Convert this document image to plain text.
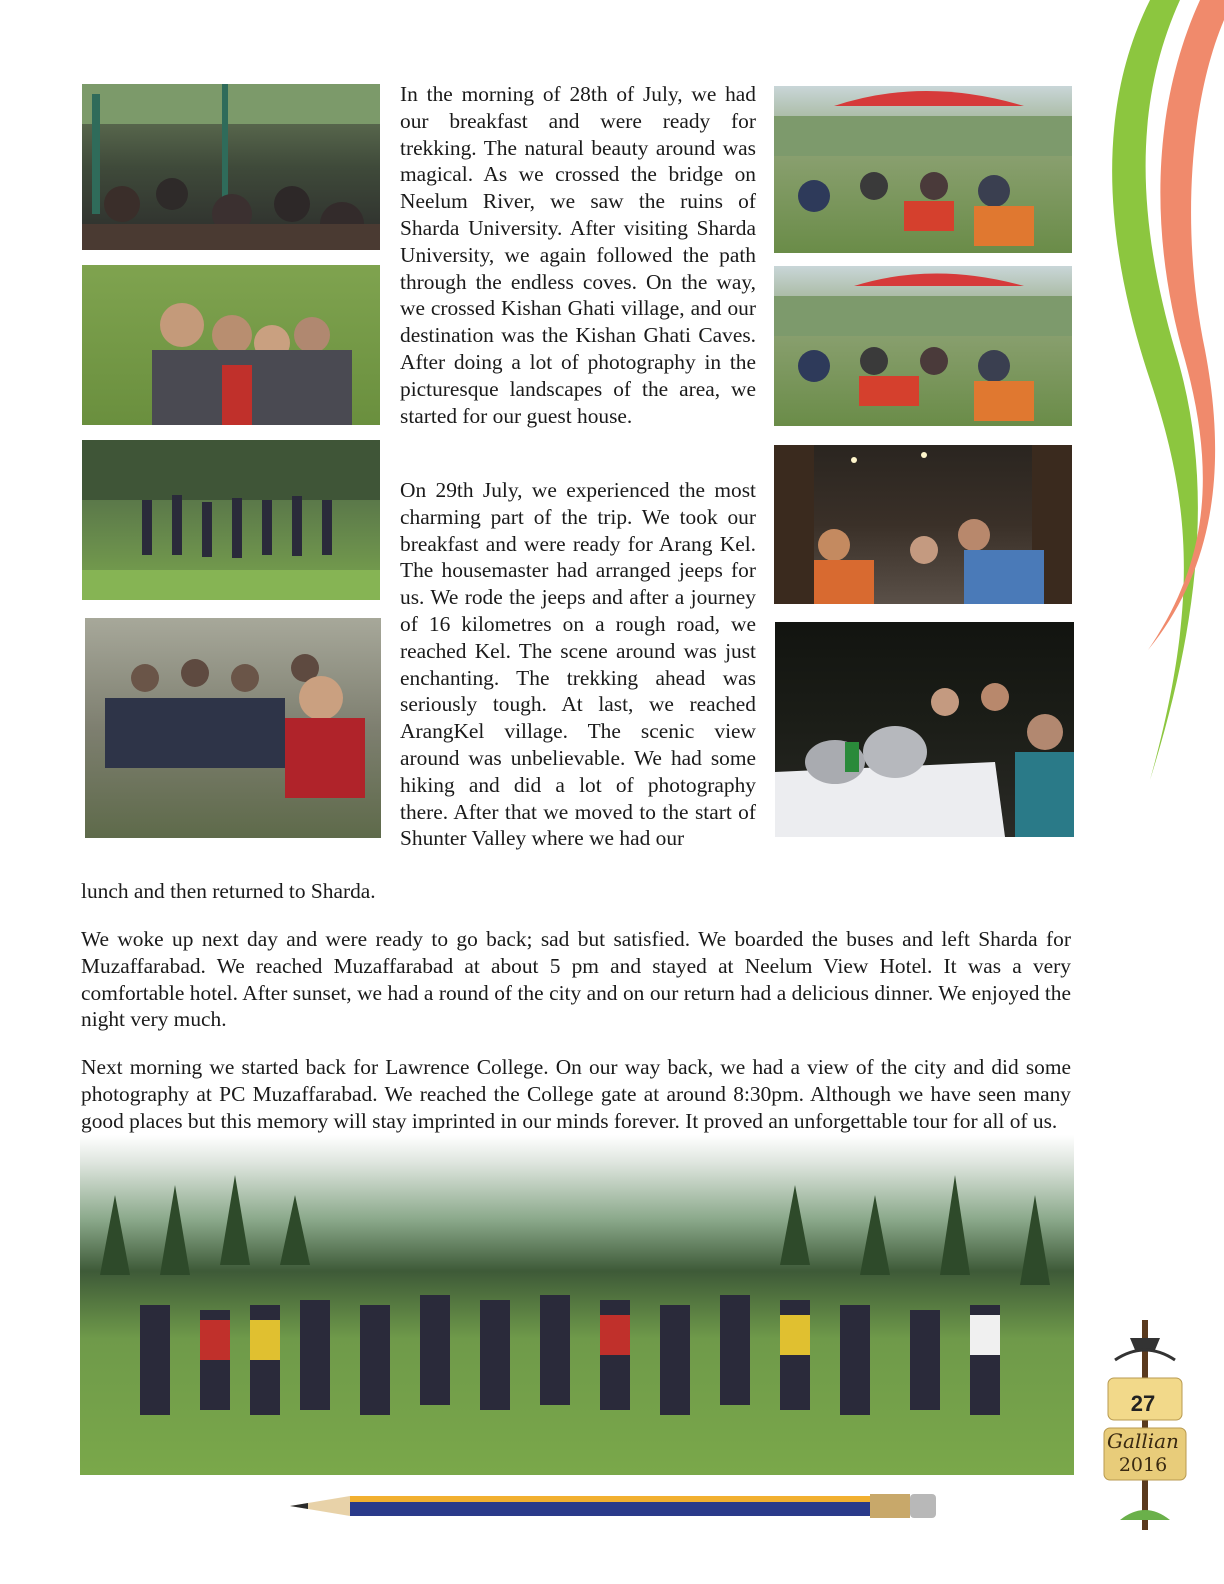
In the morning of 28th of July, we had our breakfast and were ready for trekking. The natural beauty around was magical. As we crossed the bridge on Neelum River, we saw the ruins of Sharda University. After visiting Sharda University, we again followed the path through the endless coves. On the way, we crossed Kishan Ghati village, and our destination was the Kishan Ghati Caves. After doing a lot of photography in the picturesque landscapes of the area, we started for our guest house.

On 29th July, we experienced the most charming part of the trip. We took our breakfast and were ready for Arang Kel. The housemaster had arranged jeeps for us. We rode the jeeps and after a journey of 16 kilometres on a rough road, we reached Kel. The scene around was just enchanting. The trekking ahead was seriously tough. At last, we reached ArangKel village. The scenic view around was unbelievable. We had some hiking and did a lot of photography there. After that we moved to the start of Shunter Valley where we had our

lunch and then returned to Sharda.

We woke up next day and were ready to go back; sad but satisfied. We boarded the buses and left Sharda for Muzaffarabad. We reached Muzaffarabad at about 5 pm and stayed at Neelum View Hotel. It was a very comfortable hotel. After sunset, we had a round of the city and on our return had a delicious dinner. We enjoyed the night very much.

Next morning we started back for Lawrence College. On our way back, we had a view of the city and did some photography at PC Muzaffarabad. We reached the College gate at around 8:30pm. Although we have seen many good places but this memory will stay imprinted in our minds forever. It proved an unforgettable tour for all of us.

27
Gallian
2016
